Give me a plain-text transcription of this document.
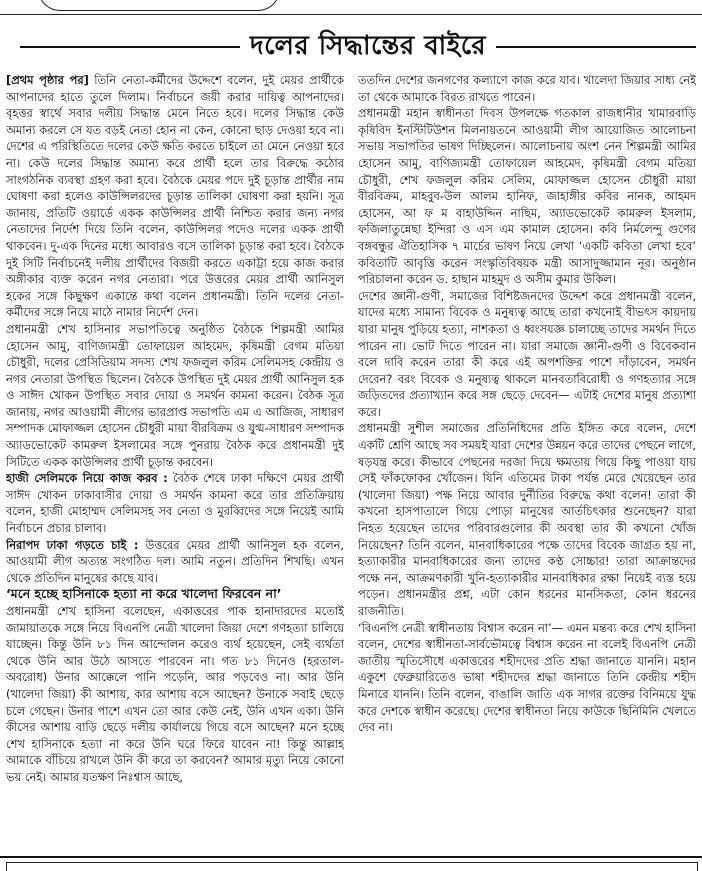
দলের সিদ্ধান্তের বাইরে

[প্রথম পৃষ্ঠার পর] তিনি নেতা-কর্মীদের উদ্দেশে বলেন, দুই মেয়র প্রার্থীকে আপনাদের হাতে তুলে দিলাম। নির্বাচনে জয়ী করার দায়িত্ব আপনাদের। বৃহত্তর স্বার্থে সবার দলীয় সিদ্ধান্ত মেনে নিতে হবে। দলের সিদ্ধান্ত কেউ অমান্য করলে সে যত বড়ই নেতা হোন না কেন, কোনো ছাড় দেওয়া হবে না। দেশের এ পরিস্থিতিতে দলের কেউ ক্ষতি করতে চাইলে তা মেনে নেওয়া হবে না। কেউ দলের সিদ্ধান্ত অমান্য করে প্রার্থী হলে তার বিরুদ্ধে কঠোর সাংগঠনিক ব্যবস্থা গ্রহণ করা হবে। বৈঠকে মেয়র পদে দুই চূড়ান্ত প্রার্থীর নাম ঘোষণা করা হলেও কাউন্সিলরদের চূড়ান্ত তালিকা ঘোষণা করা হয়নি। সূত্র জানায়, প্রতিটি ওয়ার্ডে একক কাউন্সিলর প্রার্থী নিশ্চিত করার জন্য নগর নেতাদের নির্দেশ দিয়ে তিনি বলেন, কাউন্সিলর পদেও দলের একক প্রার্থী থাকবেন। দু-এক দিনের মধ্যে আবারও বসে তালিকা চূড়ান্ত করা হবে। বৈঠকে দুই সিটি নির্বাচনেই দলীয় প্রার্থীদের বিজয়ী করতে একাট্টা হয়ে কাজ করার অঙ্গীকার ব্যক্ত করেন নগর নেতারা। পরে উত্তরের মেয়র প্রার্থী আনিসুল হকের সঙ্গে কিছুক্ষণ একান্তে কথা বলেন প্রধানমন্ত্রী। তিনি দলের নেতা-কর্মীদের সঙ্গে নিয়ে মাঠে নামার নির্দেশ দেন।

প্রধানমন্ত্রী শেখ হাসিনার সভাপতিত্বে অনুষ্ঠিত বৈঠকে শিল্পমন্ত্রী আমির হোসেন আমু, বাণিজ্যমন্ত্রী তোফায়েল আহমেদ, কৃষিমন্ত্রী বেগম মতিয়া চৌধুরী, দলের প্রেসিডিয়াম সদস্য শেখ ফজলুল করিম সেলিমসহ কেন্দ্রীয় ও নগর নেতারা উপস্থিত ছিলেন। বৈঠকে উপস্থিত দুই মেয়র প্রার্থী আনিসুল হক ও সাঈদ খোকন উপস্থিত সবার দোয়া ও সমর্থন কামনা করেন। বৈঠক সূত্র জানায়, নগর আওয়ামী লীগের ভারপ্রাপ্ত সভাপতি এম এ আজিজ, সাধারণ সম্পাদক মোফাজ্জল হোসেন চৌধুরী মায়া বীরবিক্রম ও যুগ্ম-সাধারণ সম্পাদক অ্যাডভোকেট কামরুল ইসলামের সঙ্গে পুনরায় বৈঠক করে প্রধানমন্ত্রী দুই সিটিতে একক কাউন্সিলর প্রার্থী চূড়ান্ত করবেন।

হাজী সেলিমকে নিয়ে কাজ করব : বৈঠক শেষে ঢাকা দক্ষিণে মেয়র প্রার্থী সাঈদ খোকন ঢাকাবাসীর দোয়া ও সমর্থন কামনা করে তার প্রতিক্রিয়ায় বলেন, হাজী মোহাম্মদ সেলিমসহ সব নেতা ও মুরব্বিদের সঙ্গে নিয়েই আমি নির্বাচনে প্রচার চালাব।

নিরাপদ ঢাকা গড়তে চাই : উত্তরের মেয়র প্রার্থী আনিসুল হক বলেন, আওয়ামী লীগ অত্যন্ত সংগঠিত দল। আমি নতুন। প্রতিদিন শিখছি। এখন থেকে প্রতিদিন মানুষের কাছে যাব।

‘মনে হচ্ছে হাসিনাকে হত্যা না করে খালেদা ফিরবেন না’

প্রধানমন্ত্রী শেখ হাসিনা বলেছেন, একাত্তরের পাক হানাদারদের মতোই জামায়াতকে সঙ্গে নিয়ে বিএনপি নেত্রী খালেদা জিয়া দেশে গণহত্যা চালিয়ে যাচ্ছেন। কিন্তু উনি ৮১ দিন আন্দোলন করেও ব্যর্থ হয়েছেন, সেই ব্যর্থতা থেকে উনি আর উঠে আসতে পারবেন না। গত ৮১ দিনেও (হরতাল-অবরোধ) উনার আক্কেলে পানি পড়েনি, আর পড়বেও না। আর উনি (খালেদা জিয়া) কী আশায়, কার আশায় বসে আছেন? উনাকে সবাই ছেড়ে চলে গেছেন। উনার পাশে এখন তো আর কেউ নেই, উনি এখন একা। উনি কীসের আশায় বাড়ি ছেড়ে দলীয় কার্যালয়ে গিয়ে বসে আছেন? মনে হচ্ছে শেখ হাসিনাকে হত্যা না করে উনি ঘরে ফিরে যাবেন না! কিন্তু আল্লাহ আমাকে বাঁচিয়ে রাখলে উনি কী করে তা করবেন? আমার মৃত্যু নিয়ে কোনো ভয় নেই। আমার যতক্ষণ নিঃশ্বাস আছে,

ততদিন দেশের জনগণের কল্যাণে কাজ করে যাব। খালেদা জিয়ার সাধ্য নেই তা থেকে আমাকে বিরত রাখতে পারেন।

প্রধানমন্ত্রী মহান স্বাধীনতা দিবস উপলক্ষে গতকাল রাজধানীর খামারবাড়ি কৃষিবিদ ইনস্টিটিউশন মিলনায়তনে আওয়ামী লীগ আয়োজিত আলোচনা সভায় সভাপতির ভাষণ দিচ্ছিলেন। আলোচনায় অংশ নেন শিল্পমন্ত্রী আমির হোসেন আমু, বাণিজ্যমন্ত্রী তোফায়েল আহমেদ, কৃষিমন্ত্রী বেগম মতিয়া চৌধুরী, শেখ ফজলুল করিম সেলিম, মোফাজ্জল হোসেন চৌধুরী মায়া বীরবিক্রম, মাহবুব-উল আলম হানিফ, জাহাঙ্গীর কবির নানক, আহমদ হোসেন, আ ফ ম বাহাউদ্দিন নাছিম, অ্যাডভোকেট কামরুল ইসলাম, ফজিলাতুন্নেছা ইন্দিরা ও এস এম কামাল হোসেন। কবি নির্মলেন্দু গুণের বঙ্গবন্ধুর ঐতিহাসিক ৭ মার্চের ভাষণ নিয়ে লেখা ‘একটি কবিতা লেখা হবে’ কবিতাটি আবৃত্তি করেন সংস্কৃতিবিষয়ক মন্ত্রী আসাদুজ্জামান নূর। অনুষ্ঠান পরিচালনা করেন ড. হাছান মাহমুদ ও অসীম কুমার উকিল।

দেশের জ্ঞানী-গুণী, সমাজের বিশিষ্টজনদের উদ্দেশ করে প্রধানমন্ত্রী বলেন, যাদের মধ্যে সামান্য বিবেক ও মনুষ্যত্ব আছে তারা কখনোই বীভৎস কায়দায় যারা মানুষ পুড়িয়ে হত্যা, নাশকতা ও ধ্বংসযজ্ঞ চালাচ্ছে তাদের সমর্থন দিতে পারেন না। ভোট দিতে পারেন না। যারা সমাজে জ্ঞানী-গুণী ও বিবেকবান বলে দাবি করেন তারা কী করে এই অপশক্তির পাশে দাঁড়াবেন, সমর্থন দেবেন? বরং বিবেক ও মনুষ্যত্ব থাকলে মানবতাবিরোধী ও গণহত্যার সঙ্গে জড়িতদের প্রত্যাখ্যান করে সঙ্গ ছেড়ে দেবেন— এটাই দেশের মানুষ প্রত্যাশা করে।

প্রধানমন্ত্রী সুশীল সমাজের প্রতিনিধিদের প্রতি ইঙ্গিত করে বলেন, দেশে একটি শ্রেণি আছে সব সময়ই যারা দেশের উন্নয়ন করে তাদের পেছনে লাগে, ষড়যন্ত্র করে। কীভাবে পেছনের দরজা দিয়ে ক্ষমতায় গিয়ে কিছু পাওয়া যায় সেই ফাঁকফোকর খোঁজেন। যিনি এতিমের টাকা পর্যন্ত মেরে খেয়েছেন তার (খালেদা জিয়া) পক্ষ নিয়ে আবার দুর্নীতির বিরুদ্ধে কথা বলেন! তারা কী কখনো হাসপাতালে গিয়ে পোড়া মানুষের আর্তচিৎকার শুনেছেন? যারা নিহত হয়েছেন তাদের পরিবারগুলোর কী অবস্থা তার কী কখনো খোঁজ নিয়েছেন? তিনি বলেন, মানবাধিকারের পক্ষে তাদের বিবেক জাগ্রত হয় না, হত্যাকারীর মানবাধিকারের জন্য তাদের কণ্ঠ সোচ্চার! তারা আক্রান্তদের পক্ষে নন, আক্রমণকারী খুনি-হত্যাকারীর মানবাধিকার রক্ষা নিয়েই ব্যস্ত হয়ে পড়েন। প্রধানমন্ত্রীর প্রশ্ন, এটা কোন ধরনের মানসিকতা, কোন ধরনের রাজনীতি।

‘বিএনপি নেত্রী স্বাধীনতায় বিশ্বাস করেন না’— এমন মন্তব্য করে শেখ হাসিনা বলেন, দেশের স্বাধীনতা-সার্বভৌমত্বে বিশ্বাস করেন না বলেই বিএনপি নেত্রী জাতীয় স্মৃতিসৌধে একাত্তরের শহীদদের প্রতি শ্রদ্ধা জানাতে যাননি। মহান একুশে ফেব্রুয়ারিতেও ভাষা শহীদদের শ্রদ্ধা জানাতে তিনি কেন্দ্রীয় শহীদ মিনারে যাননি। তিনি বলেন, বাঙালি জাতি এক সাগর রক্তের বিনিময়ে যুদ্ধ করে দেশকে স্বাধীন করেছে। দেশের স্বাধীনতা নিয়ে কাউকে ছিনিমিনি খেলতে দেব না।
